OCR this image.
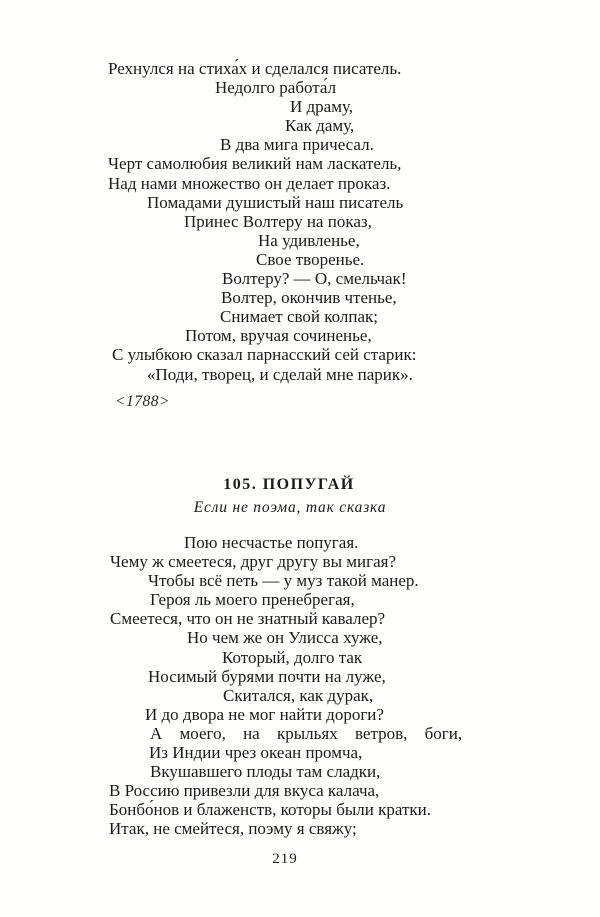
Рехнулся на стиха́х и сделался писатель.
Недолго работа́л
И драму,
Как даму,
В два мига причесал.
Черт самолюбия великий нам ласкатель,
Над нами множество он делает проказ.
Помадами душистый наш писатель
Принес Волтеру на показ,
На удивленье,
Свое творенье.
Волтеру? — О, смельчак!
Волтер, окончив чтенье,
Снимает свой колпак;
Потом, вручая сочиненье,
С улыбкою сказал парнасский сей старик:
«Поди, творец, и сделай мне парик».
<1788>
105. ПОПУГАЙ
Если не поэма, так сказка
Пою несчастье попугая.
Чему ж смеетеся, друг другу вы мигая?
Чтобы всё петь — у муз такой манер.
Героя ль моего пренебрегая,
Смеетеся, что он не знатный кавалер?
Но чем же он Улисса хуже,
Который, долго так
Носимый бурями почти на луже,
Скитался, как дурак,
И до двора не мог найти дороги?
А моего, на крыльях ветров, боги,
Из Индии чрез океан промча,
Вкушавшего плоды там сладки,
В Россию привезли для вкуса калача,
Бонбо́нов и блаженств, которы были кратки.
Итак, не смейтеся, поэму я свяжу;
219
